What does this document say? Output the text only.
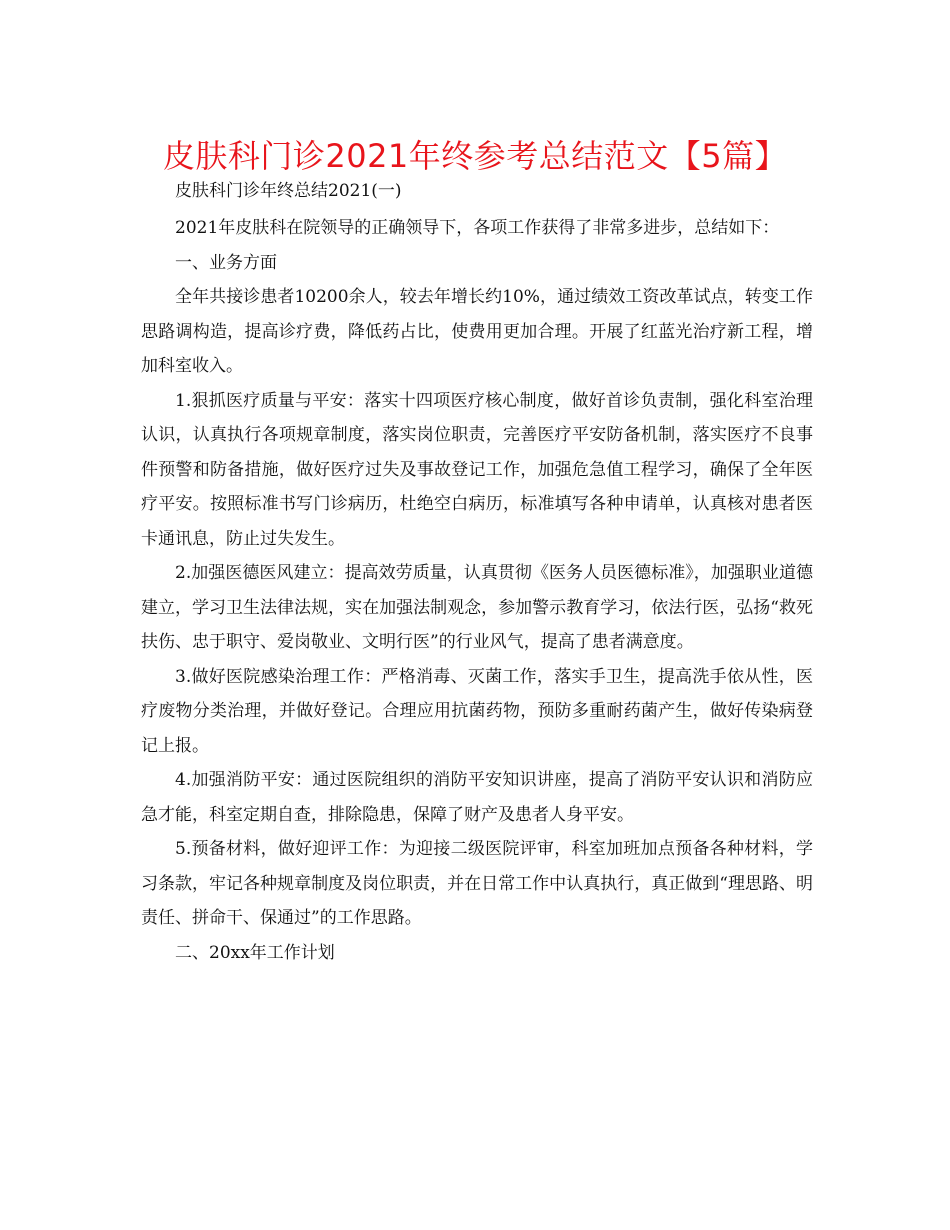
皮肤科门诊2021年终参考总结范文【5篇】

皮肤科门诊年终总结2021(一)

2021年皮肤科在院领导的正确领导下，各项工作获得了非常多进步，总结如下：

一、业务方面

全年共接诊患者10200余人，较去年增长约10%，通过绩效工资改革试点，转变工作思路调构造，提高诊疗费，降低药占比，使费用更加合理。开展了红蓝光治疗新工程，增加科室收入。

1.狠抓医疗质量与平安：落实十四项医疗核心制度，做好首诊负责制，强化科室治理认识，认真执行各项规章制度，落实岗位职责，完善医疗平安防备机制，落实医疗不良事件预警和防备措施，做好医疗过失及事故登记工作，加强危急值工程学习，确保了全年医疗平安。按照标准书写门诊病历，杜绝空白病历，标准填写各种申请单，认真核对患者医卡通讯息，防止过失发生。

2.加强医德医风建立：提高效劳质量，认真贯彻《医务人员医德标准》，加强职业道德建立，学习卫生法律法规，实在加强法制观念，参加警示教育学习，依法行医，弘扬“救死扶伤、忠于职守、爱岗敬业、文明行医”的行业风气，提高了患者满意度。

3.做好医院感染治理工作：严格消毒、灭菌工作，落实手卫生，提高洗手依从性，医疗废物分类治理，并做好登记。合理应用抗菌药物，预防多重耐药菌产生，做好传染病登记上报。

4.加强消防平安：通过医院组织的消防平安知识讲座，提高了消防平安认识和消防应急才能，科室定期自查，排除隐患，保障了财产及患者人身平安。

5.预备材料，做好迎评工作：为迎接二级医院评审，科室加班加点预备各种材料，学习条款，牢记各种规章制度及岗位职责，并在日常工作中认真执行，真正做到“理思路、明责任、拼命干、保通过”的工作思路。

二、20xx年工作计划
